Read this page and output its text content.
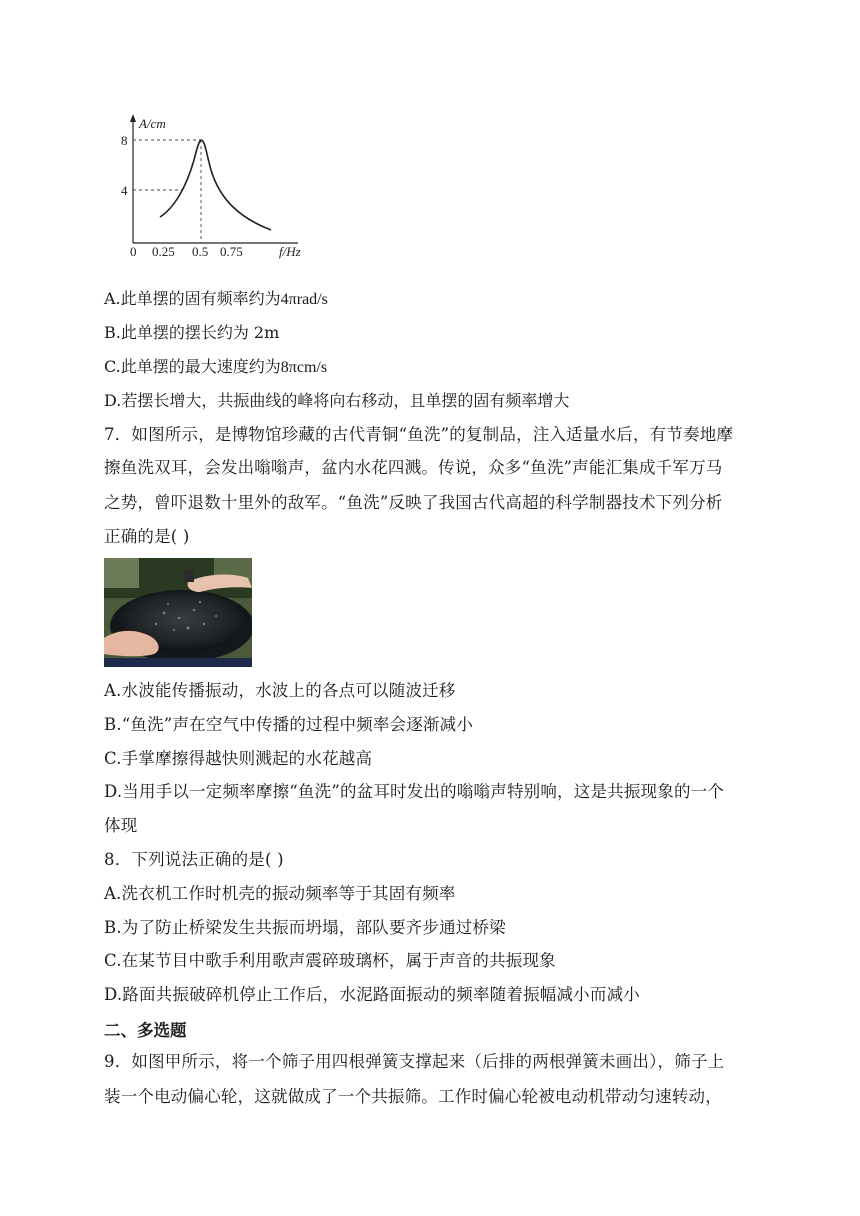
A/cm
8
4
0 0.25 0.5 0.75	f/Hz
A.此单摆的固有频率约为4πrad/s
B.此单摆的摆长约为 2m
C.此单摆的最大速度约为8πcm/s
D.若摆长增大，共振曲线的峰将向右移动，且单摆的固有频率增大
7．如图所示，是博物馆珍藏的古代青铜“鱼洗”的复制品，注入适量水后，有节奏地摩
擦鱼洗双耳，会发出嗡嗡声，盆内水花四溅。传说，众多“鱼洗”声能汇集成千军万马
之势，曾吓退数十里外的敌军。“鱼洗”反映了我国古代高超的科学制器技术下列分析
正确的是( )
A.水波能传播振动，水波上的各点可以随波迁移
B.“鱼洗”声在空气中传播的过程中频率会逐渐减小
C.手掌摩擦得越快则溅起的水花越高
D.当用手以一定频率摩擦“鱼洗”的盆耳时发出的嗡嗡声特别响，这是共振现象的一个
体现
8．下列说法正确的是( )
A.洗衣机工作时机壳的振动频率等于其固有频率
B.为了防止桥梁发生共振而坍塌，部队要齐步通过桥梁
C.在某节目中歌手利用歌声震碎玻璃杯，属于声音的共振现象
D.路面共振破碎机停止工作后，水泥路面振动的频率随着振幅减小而减小
二、多选题
9．如图甲所示，将一个筛子用四根弹簧支撑起来（后排的两根弹簧未画出），筛子上
装一个电动偏心轮，这就做成了一个共振筛。工作时偏心轮被电动机带动匀速转动，
